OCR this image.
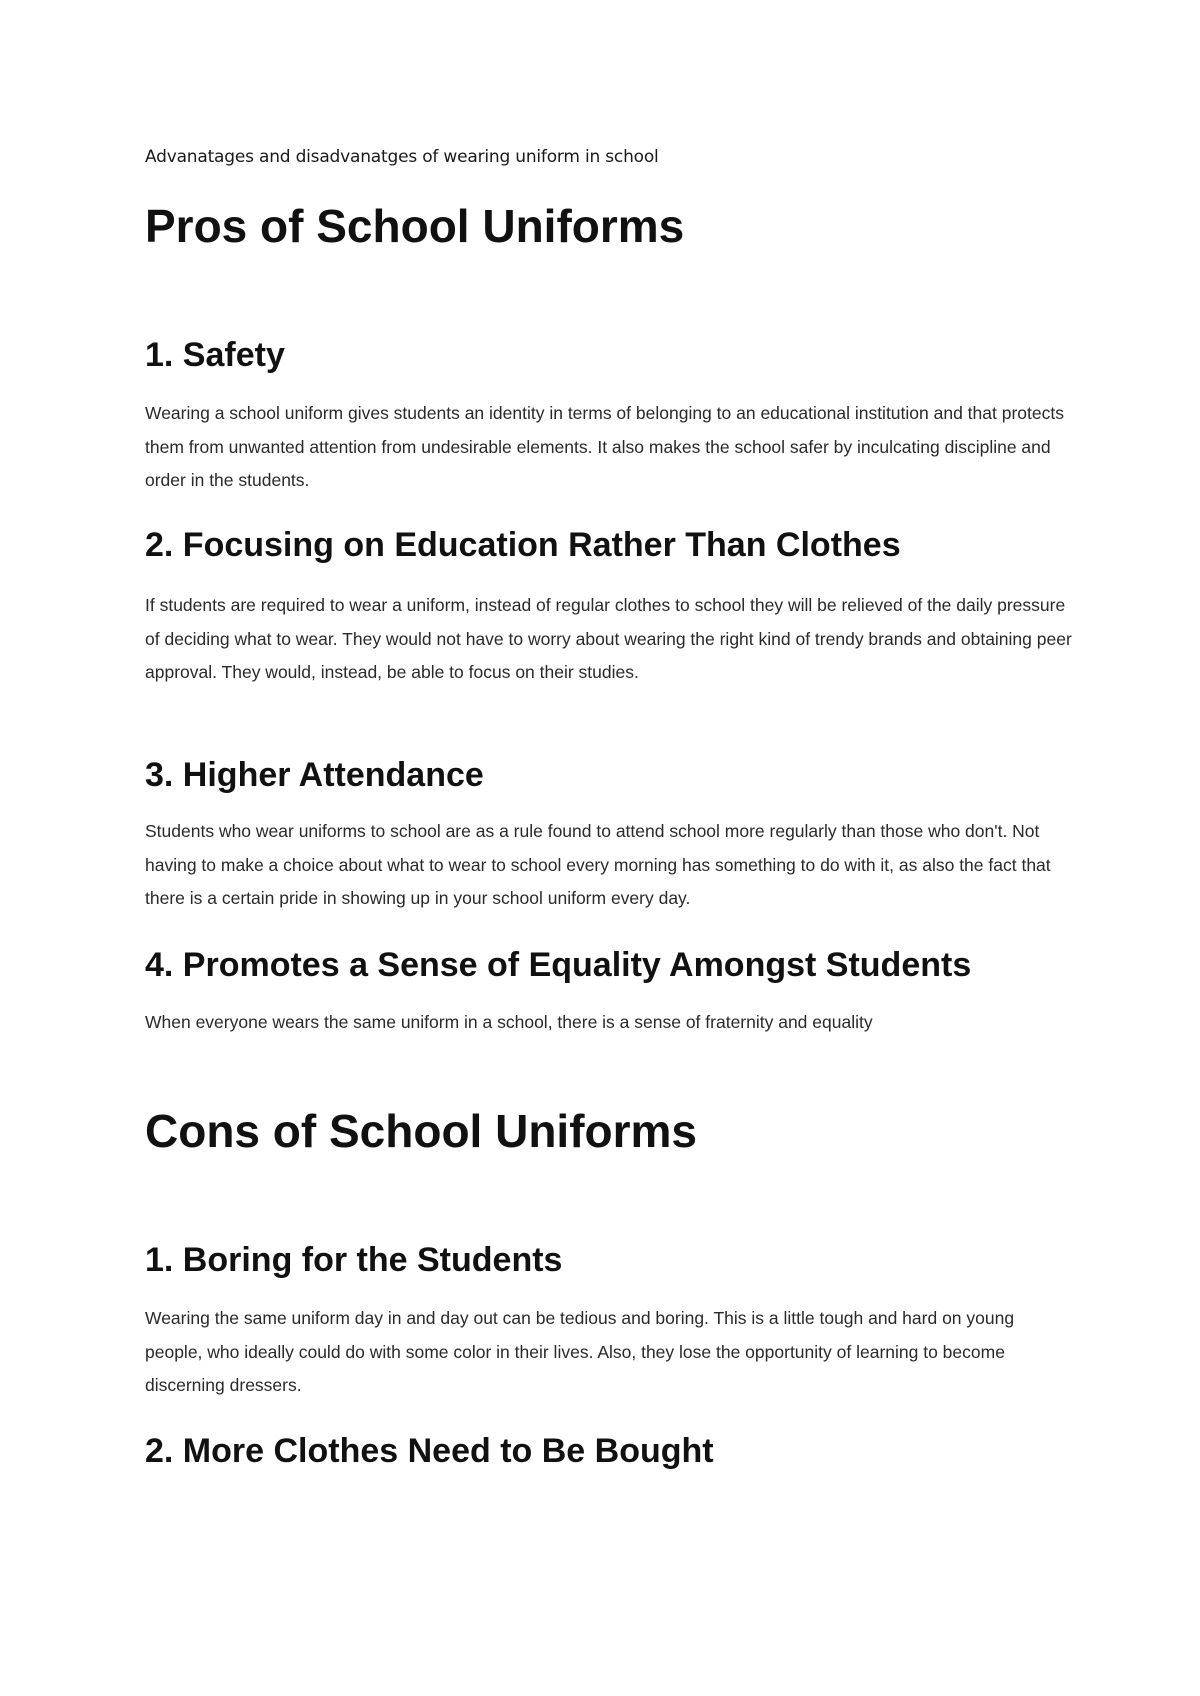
Advanatages and disadvanatges of wearing uniform in school
Pros of School Uniforms
1. Safety

Wearing a school uniform gives students an identity in terms of belonging to an educational institution and that protects them from unwanted attention from undesirable elements. It also makes the school safer by inculcating discipline and order in the students.

2. Focusing on Education Rather Than Clothes

If students are required to wear a uniform, instead of regular clothes to school they will be relieved of the daily pressure of deciding what to wear. They would not have to worry about wearing the right kind of trendy brands and obtaining peer approval. They would, instead, be able to focus on their studies.

3. Higher Attendance

Students who wear uniforms to school are as a rule found to attend school more regularly than those who don't. Not having to make a choice about what to wear to school every morning has something to do with it, as also the fact that there is a certain pride in showing up in your school uniform every day.

4. Promotes a Sense of Equality Amongst Students

When everyone wears the same uniform in a school, there is a sense of fraternity and equality

Cons of School Uniforms
1. Boring for the Students

Wearing the same uniform day in and day out can be tedious and boring. This is a little tough and hard on young people, who ideally could do with some color in their lives. Also, they lose the opportunity of learning to become discerning dressers.

2. More Clothes Need to Be Bought
